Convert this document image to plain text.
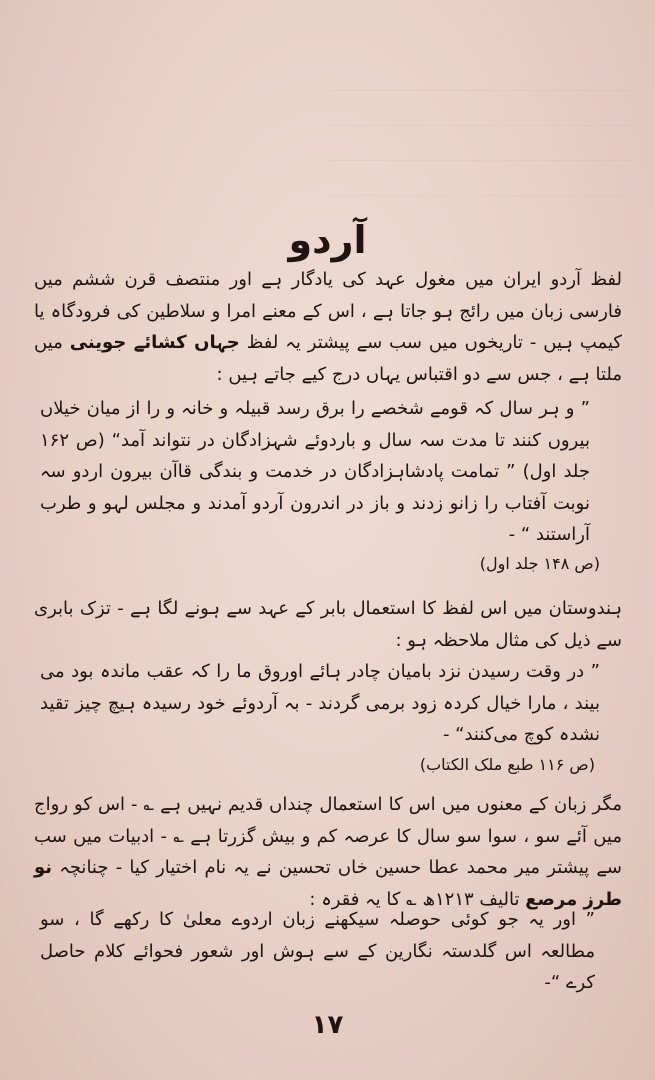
آردو
لفظ آردو ایران میں مغول عہد کی یادگار ہے اور منتصف قرن ششم میں فارسی زبان میں رائج ہو جاتا ہے ، اس کے معنے امرا و سلاطین کی فرودگاہ یا کیمپ ہیں - تاریخوں میں سب سے پیشتر یہ لفظ جہاں کشائے جوینی میں ملتا ہے ، جس سے دو اقتباس یہاں درج کیے جاتے ہیں :
” و ہر سال کہ قومے شخصے را برق رسد قبیلہ و خانہ و را از میان خیلاں بیروں کنند تا مدت سہ سال و باردوئے شہزادگان در نتواند آمد“ (ص ۱۶۲ جلد اول) ” تمامت پادشاہزادگان در خدمت و بندگی قاآن بیرون اردو سہ نوبت آفتاب را زانو زدند و باز در اندرون آردو آمدند و مجلس لہو و طرب آراستند “ -
(ص ۱۴۸ جلد اول)
ہندوستان میں اس لفظ کا استعمال بابر کے عہد سے ہونے لگا ہے - تزک بابری سے ذیل کی مثال ملاحظہ ہو :
” در وقت رسیدن نزد بامیان چادر ہائے اوروق ما را کہ عقب ماندہ بود می بیند ، مارا خیال کردہ زود برمی گردند - بہ آردوئے خود رسیدہ ہیچ چیز تقید نشدہ کوچ می‌کنند“ -
(ص ۱۱۶ طبع ملک الکتاب)
مگر زبان کے معنوں میں اس کا استعمال چنداں قدیم نہیں ہے ؎ - اس کو رواج میں آئے سو ، سوا سو سال کا عرصہ کم و بیش گزرتا ہے ؎ - ادبیات میں سب سے پیشتر میر محمد عطا حسین خاں تحسین نے یہ نام اختیار کیا - چنانچہ نو طرز مرصع تالیف ۱۲۱۳ھ ؎ کا یہ فقرہ :
” اور یہ جو کوئی حوصلہ سیکھنے زبان اردوے معلیٰ کا رکھے گا ، سو مطالعہ اس گلدستہ نگارین کے سے ہوش اور شعور فحوائے کلام حاصل کرے “-
۱۷
